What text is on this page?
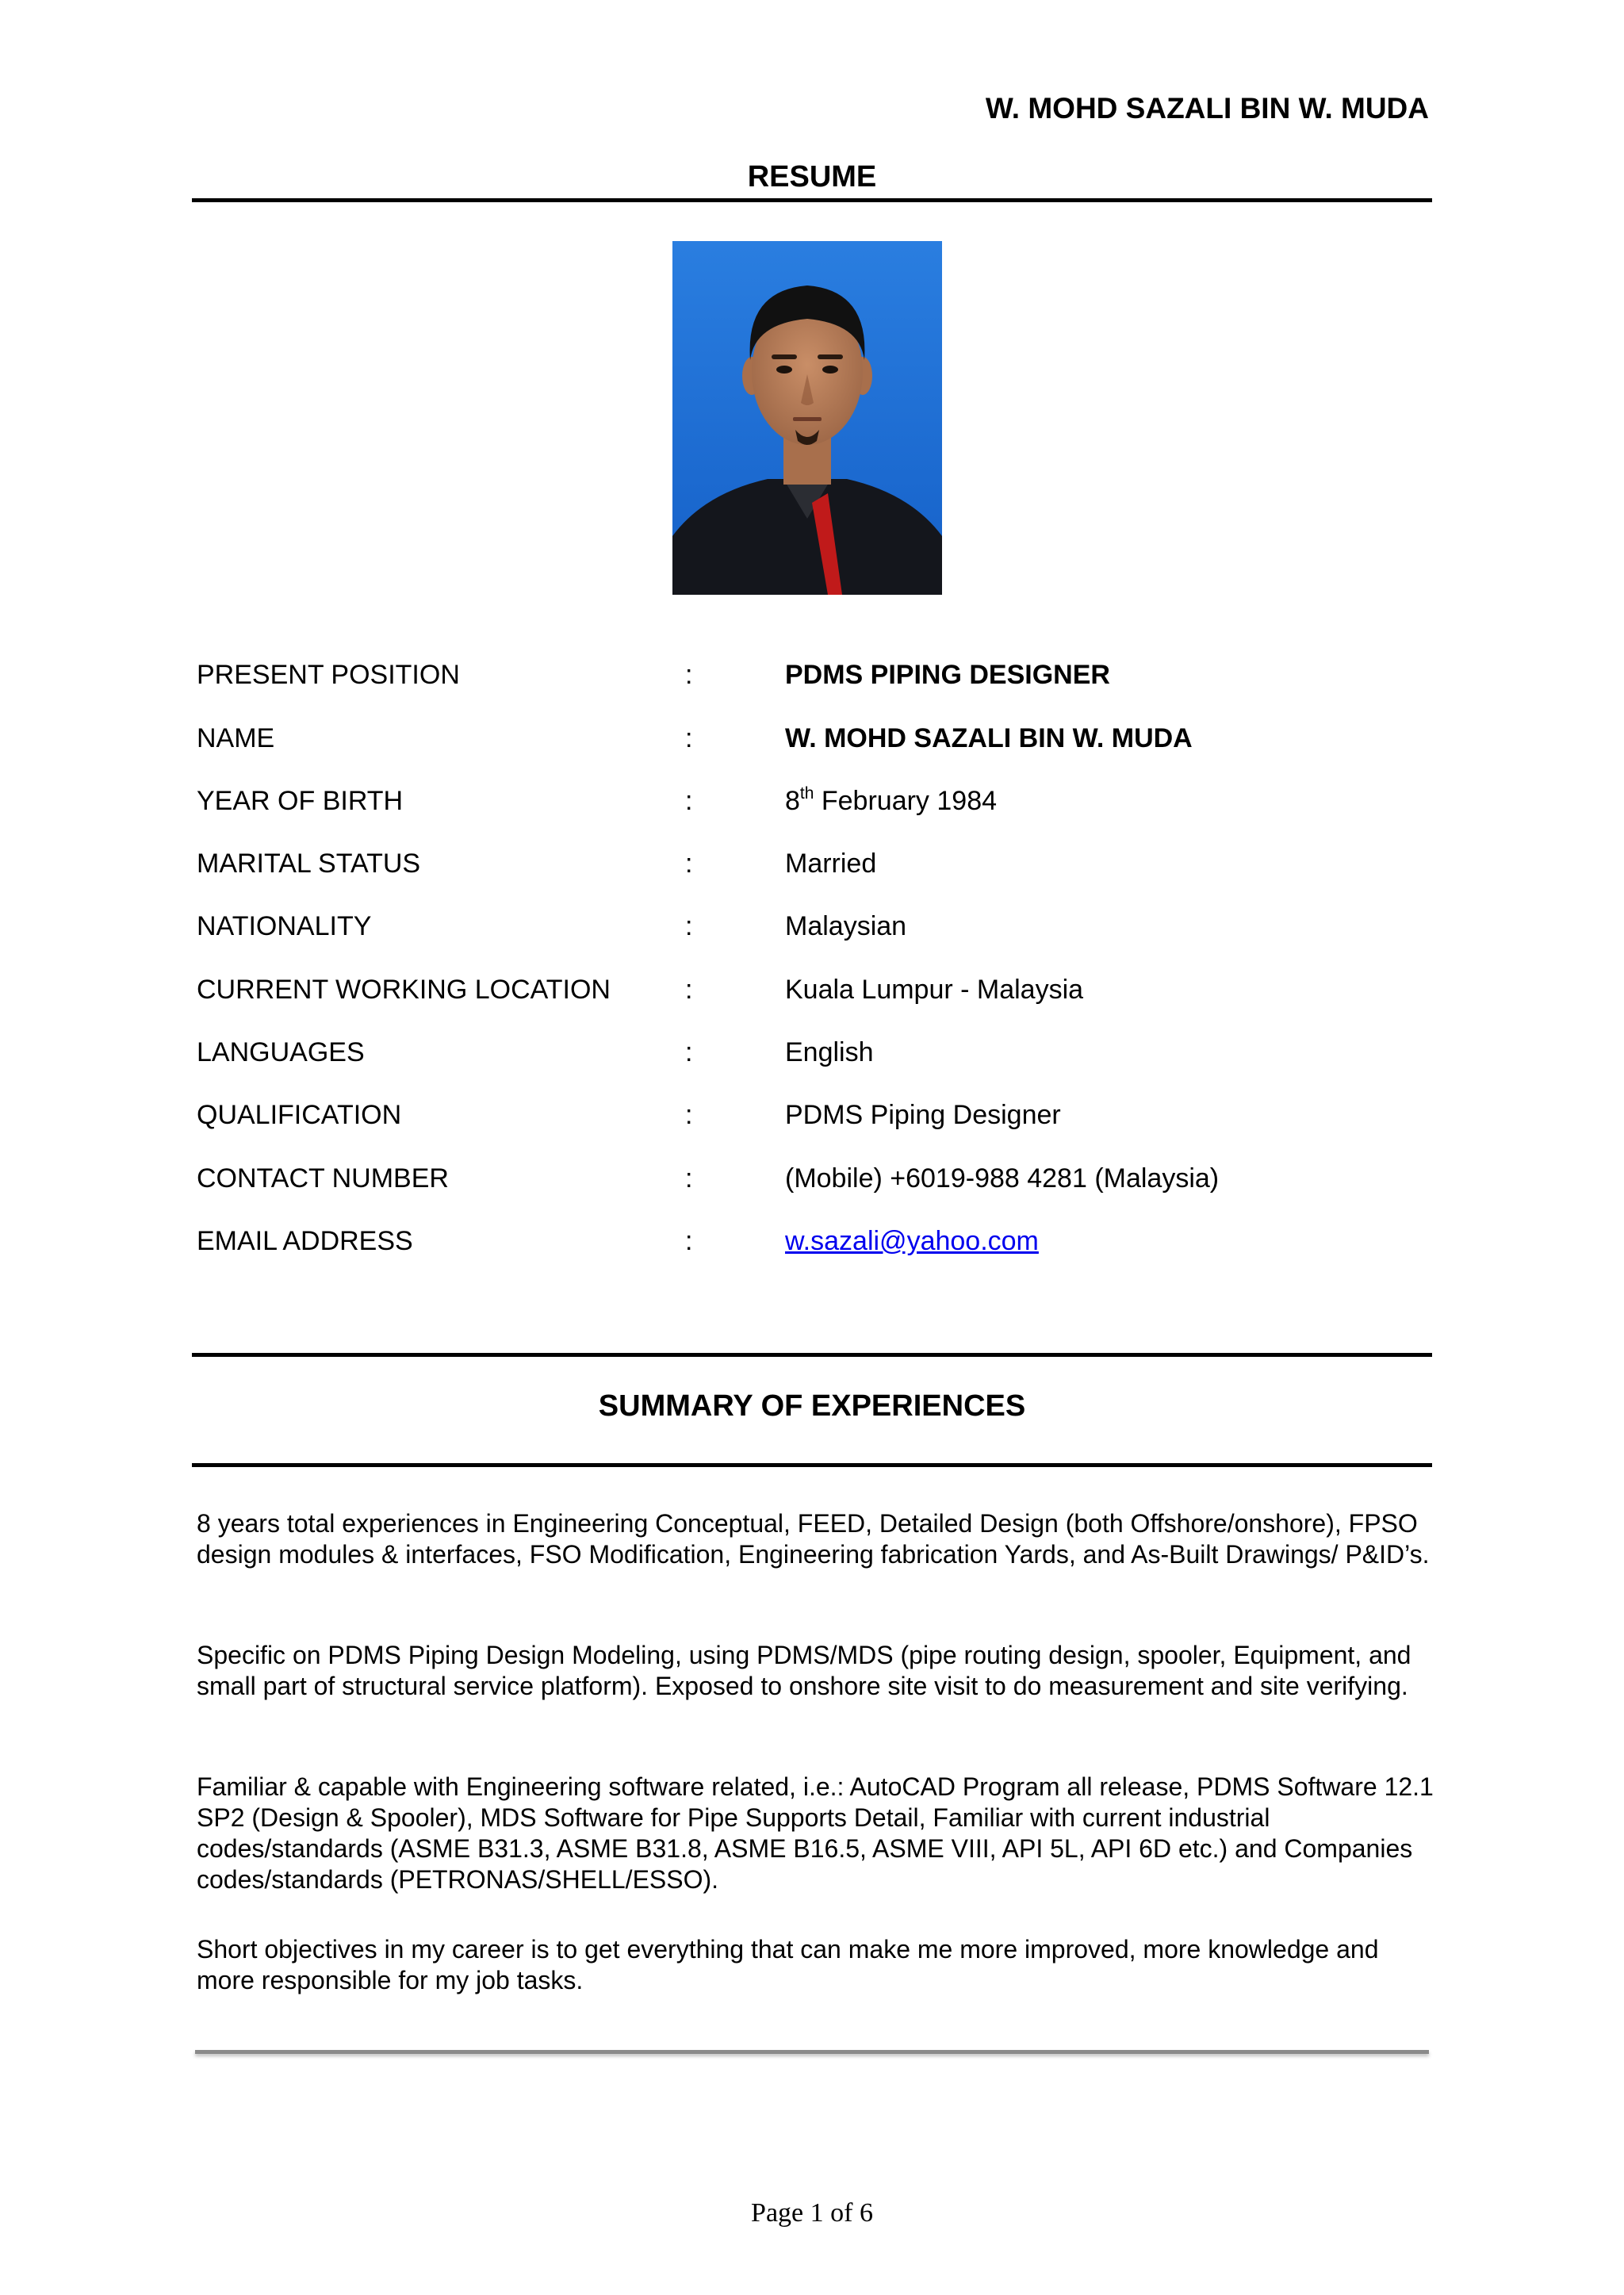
W. MOHD SAZALI BIN W. MUDA
RESUME
PRESENT POSITION	:	PDMS PIPING DESIGNER
NAME	:	W. MOHD SAZALI BIN W. MUDA
YEAR OF BIRTH	:	8th February 1984
MARITAL STATUS	:	Married
NATIONALITY	:	Malaysian
CURRENT WORKING LOCATION	:	Kuala Lumpur - Malaysia
LANGUAGES	:	English
QUALIFICATION	:	PDMS Piping Designer
CONTACT NUMBER	:	(Mobile) +6019-988 4281 (Malaysia)
EMAIL ADDRESS	:	w.sazali@yahoo.com
SUMMARY OF EXPERIENCES
8 years total experiences in Engineering Conceptual, FEED, Detailed Design (both Offshore/onshore), FPSO design modules & interfaces, FSO Modification, Engineering fabrication Yards, and As-Built Drawings/ P&ID’s.
Specific on PDMS Piping Design Modeling, using PDMS/MDS (pipe routing design, spooler, Equipment, and small part of structural service platform). Exposed to onshore site visit to do measurement and site verifying.
Familiar & capable with Engineering software related, i.e.: AutoCAD Program all release, PDMS Software 12.1 SP2 (Design & Spooler), MDS Software for Pipe Supports Detail, Familiar with current industrial codes/standards (ASME B31.3, ASME B31.8, ASME B16.5, ASME VIII, API 5L, API 6D etc.) and Companies codes/standards (PETRONAS/SHELL/ESSO).
Short objectives in my career is to get everything that can make me more improved, more knowledge and more responsible for my job tasks.
Page 1 of 6
